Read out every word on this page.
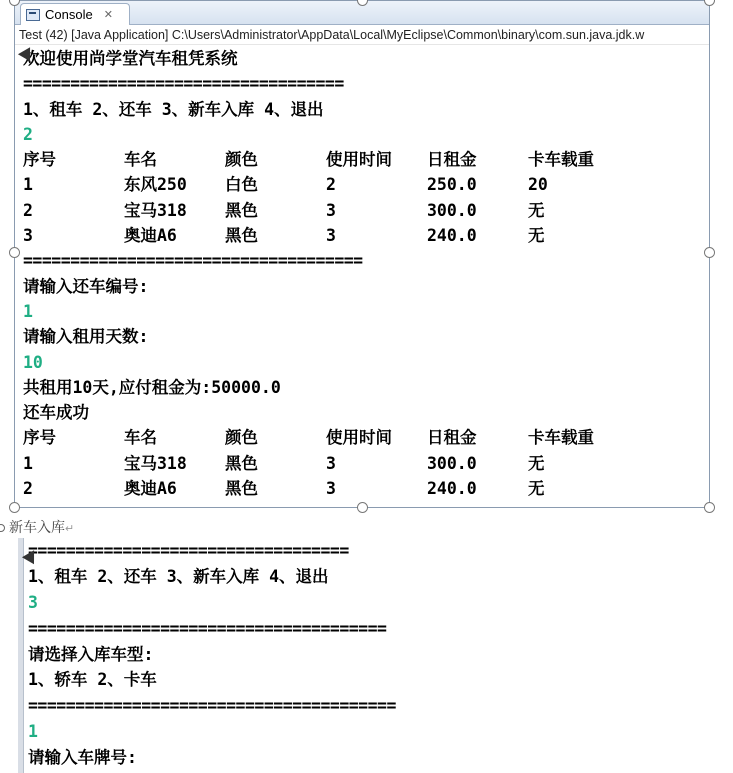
Console ✕
Test (42) [Java Application] C:\Users\Administrator\AppData\Local\MyEclipse\Common\binary\com.sun.java.jdk.w
欢迎使用尚学堂汽车租凭系统
==================================
1、租车 2、还车 3、新车入库 4、退出
2
序号	车名	颜色	使用时间	日租金	卡车载重
1	东风250	白色	2	250.0	20
2	宝马318	黑色	3	300.0	无
3	奥迪A6	黑色	3	240.0	无
====================================
请输入还车编号:
1
请输入租用天数:
10
共租用10天,应付租金为:50000.0
还车成功
序号	车名	颜色	使用时间	日租金	卡车载重
1	宝马318	黑色	3	300.0	无
2	奥迪A6	黑色	3	240.0	无
新车入库↵
==================================
1、租车 2、还车 3、新车入库 4、退出
3
======================================
请选择入库车型:
1、轿车 2、卡车
=======================================
1
请输入车牌号:
